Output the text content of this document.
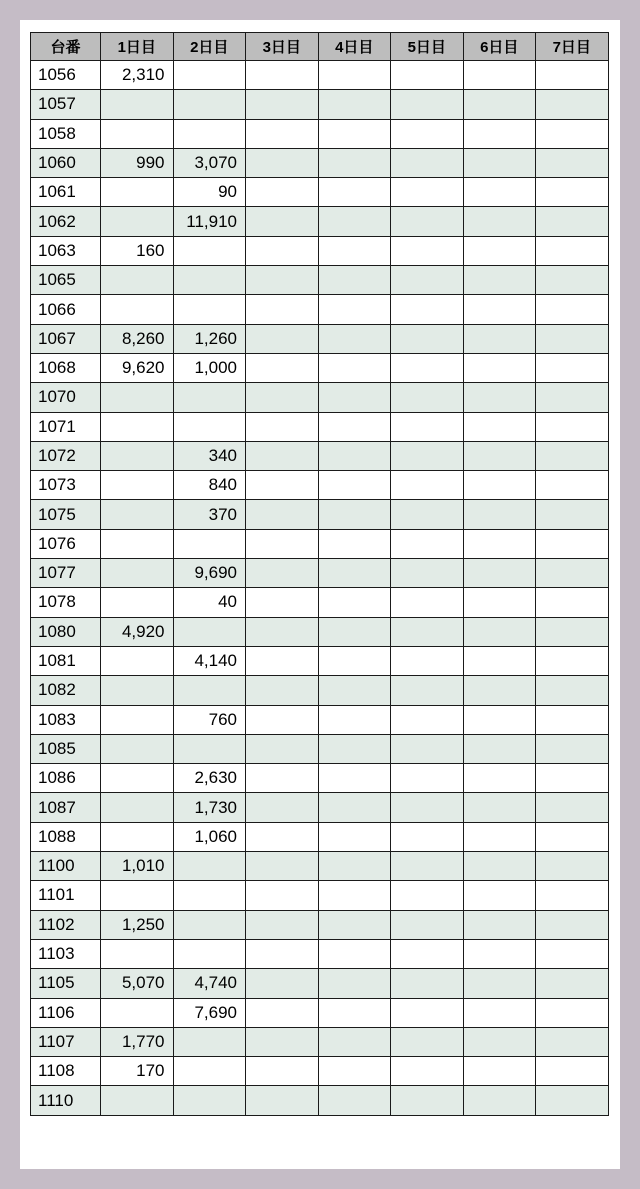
台番	1日目	2日目	3日目	4日目	5日目	6日目	7日目
1056	2,310						
1057							
1058							
1060	990	3,070					
1061		90					
1062		11,910					
1063	160						
1065							
1066							
1067	8,260	1,260					
1068	9,620	1,000					
1070							
1071							
1072		340					
1073		840					
1075		370					
1076							
1077		9,690					
1078		40					
1080	4,920						
1081		4,140					
1082							
1083		760					
1085							
1086		2,630					
1087		1,730					
1088		1,060					
1100	1,010						
1101							
1102	1,250						
1103							
1105	5,070	4,740					
1106		7,690					
1107	1,770						
1108	170						
1110							
